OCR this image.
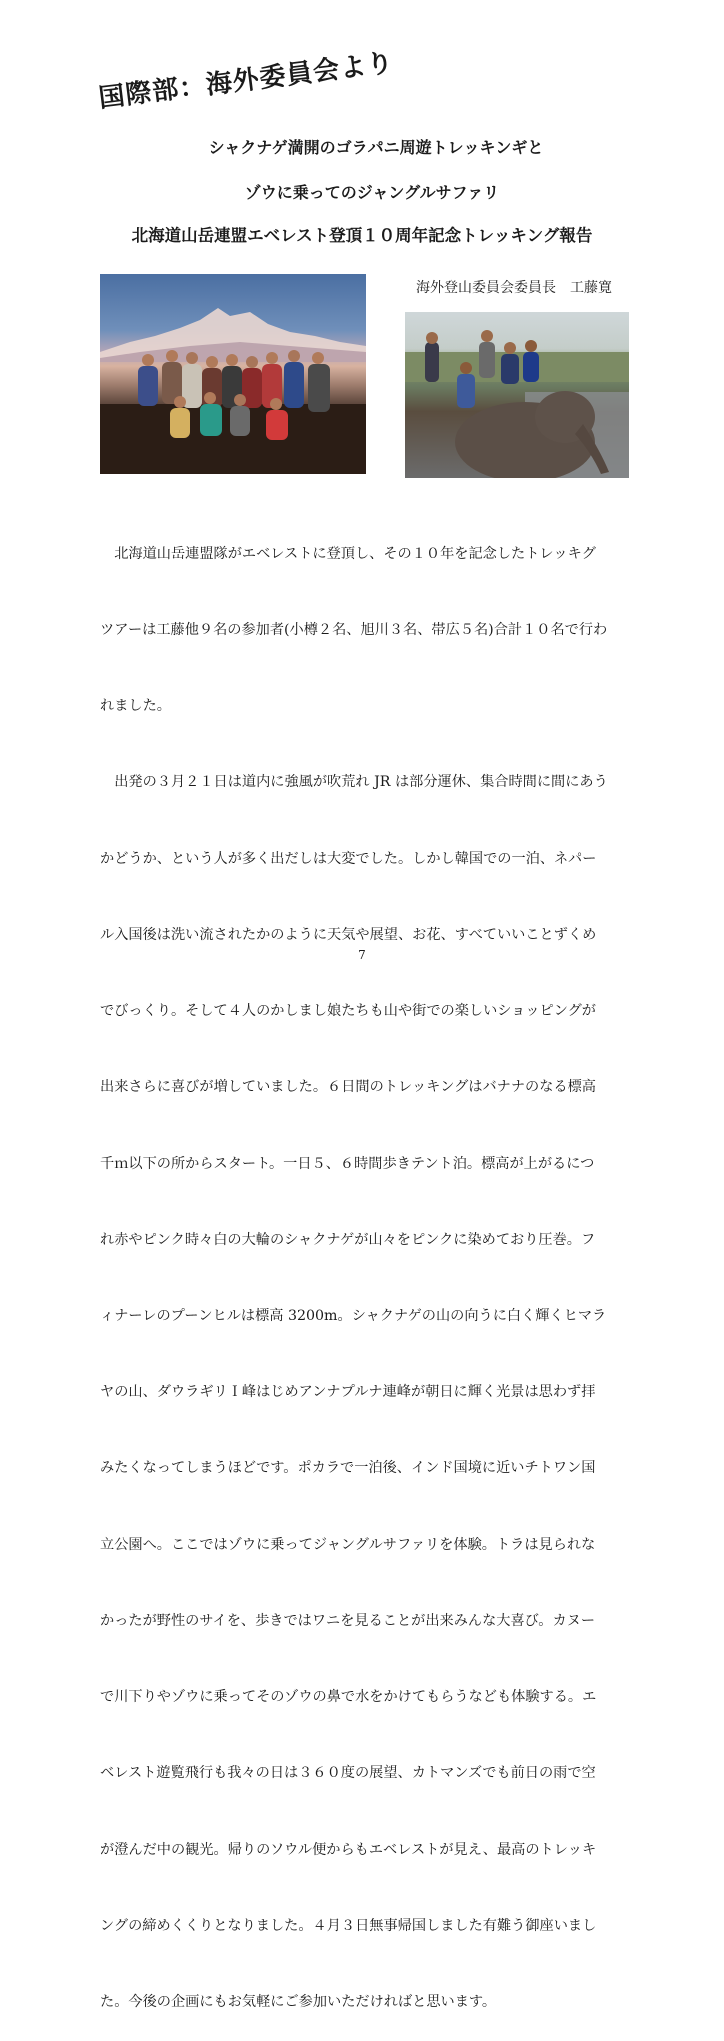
国際部：海外委員会より
シャクナゲ満開のゴラパニ周遊トレッキンギと
ゾウに乗ってのジャングルサファリ
北海道山岳連盟エベレスト登頂１０周年記念トレッキング報告
海外登山委員会委員長　工藤寛

　北海道山岳連盟隊がエベレストに登頂し、その１０年を記念したトレッキグ

ツアーは工藤他９名の参加者(小樽２名、旭川３名、帯広５名)合計１０名で行わ

れました。

　出発の３月２１日は道内に強風が吹荒れ JR は部分運休、集合時間に間にあう

かどうか、という人が多く出だしは大変でした。しかし韓国での一泊、ネパー

ル入国後は洗い流されたかのように天気や展望、お花、すべていいことずくめ

でびっくり。そして４人のかしまし娘たちも山や街での楽しいショッピングが

出来さらに喜びが増していました。６日間のトレッキングはバナナのなる標高

千ｍ以下の所からスタート。一日５、６時間歩きテント泊。標高が上がるにつ

れ赤やピンク時々白の大輪のシャクナゲが山々をピンクに染めており圧巻。フ

ィナーレのプーンヒルは標高 3200m。シャクナゲの山の向うに白く輝くヒマラ

ヤの山、ダウラギリＩ峰はじめアンナプルナ連峰が朝日に輝く光景は思わず拝

みたくなってしまうほどです。ポカラで一泊後、インド国境に近いチトワン国

立公園へ。ここではゾウに乗ってジャングルサファリを体験。トラは見られな

かったが野性のサイを、歩きではワニを見ることが出来みんな大喜び。カヌー

で川下りやゾウに乗ってそのゾウの鼻で水をかけてもらうなども体験する。エ

ベレスト遊覧飛行も我々の日は３６０度の展望、カトマンズでも前日の雨で空

が澄んだ中の観光。帰りのソウル便からもエベレストが見え、最高のトレッキ

ングの締めくくりとなりました。４月３日無事帰国しました有難う御座いまし

た。今後の企画にもお気軽にご参加いただければと思います。

7
